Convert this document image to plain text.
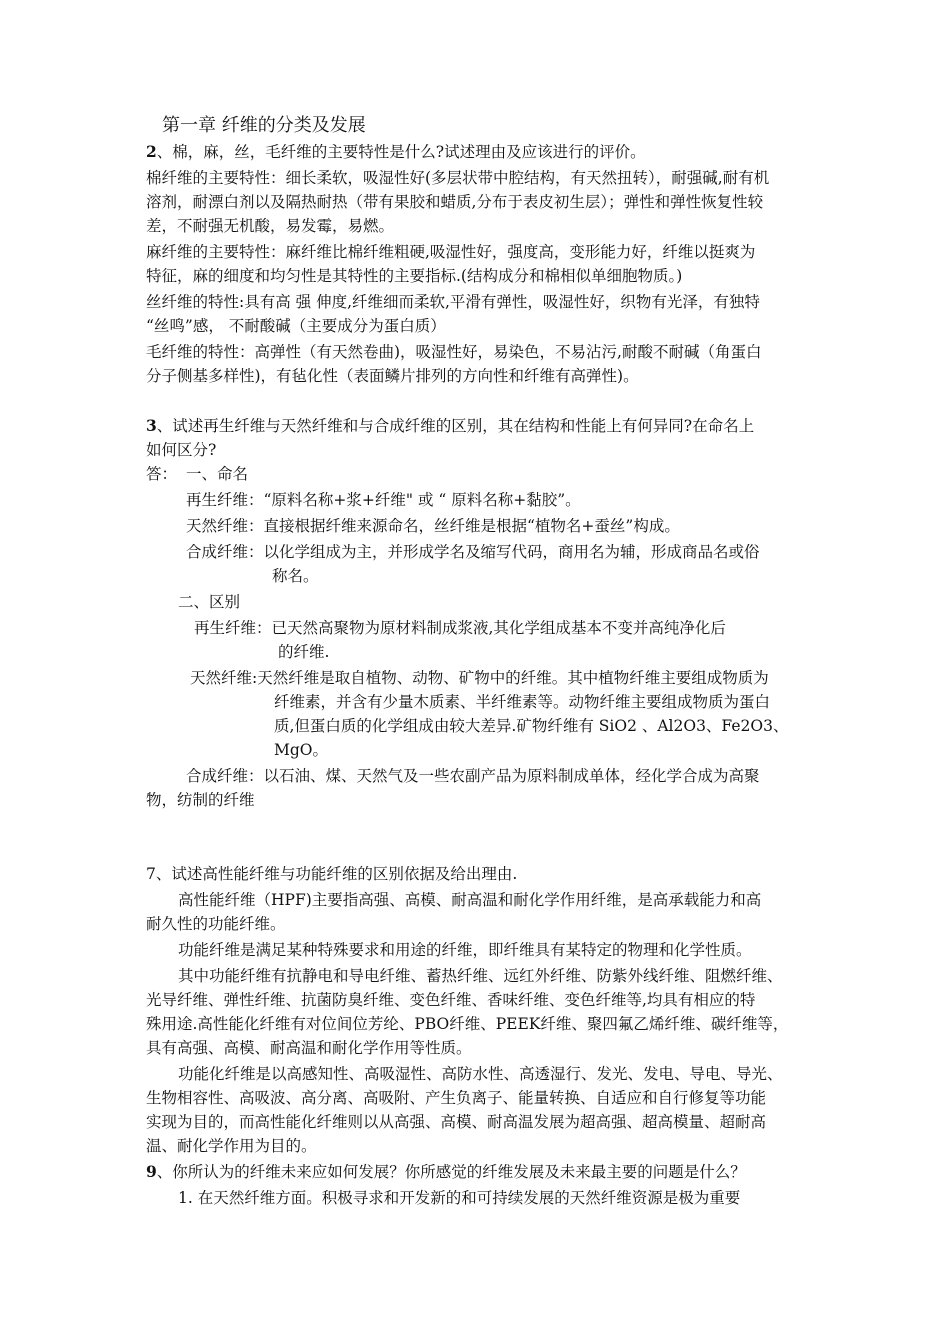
第一章 纤维的分类及发展
2、棉，麻，丝，毛纤维的主要特性是什么?试述理由及应该进行的评价。
棉纤维的主要特性：细长柔软，吸湿性好(多层状带中腔结构，有天然扭转），耐强碱,耐有机
溶剂，耐漂白剂以及隔热耐热（带有果胶和蜡质,分布于表皮初生层）；弹性和弹性恢复性较
差，不耐强无机酸，易发霉，易燃。
麻纤维的主要特性：麻纤维比棉纤维粗硬,吸湿性好，强度高，变形能力好，纤维以挺爽为
特征，麻的细度和均匀性是其特性的主要指标.(结构成分和棉相似单细胞物质。)
丝纤维的特性:具有高 强 伸度,纤维细而柔软,平滑有弹性，吸湿性好，织物有光泽，有独特
“丝鸣”感， 不耐酸碱（主要成分为蛋白质）
毛纤维的特性：高弹性（有天然卷曲)，吸湿性好，易染色，不易沾污,耐酸不耐碱（角蛋白
分子侧基多样性)，有毡化性（表面鳞片排列的方向性和纤维有高弹性)。
3、试述再生纤维与天然纤维和与合成纤维的区别，其在结构和性能上有何异同?在命名上
如何区分?
答： 一、命名
再生纤维：“原料名称+浆+纤维" 或 “ 原料名称+黏胶”。
天然纤维：直接根据纤维来源命名，丝纤维是根据“植物名+蚕丝”构成。
合成纤维：以化学组成为主，并形成学名及缩写代码，商用名为辅，形成商品名或俗
称名。
二、区别
再生纤维：已天然高聚物为原材料制成浆液,其化学组成基本不变并高纯净化后
的纤维.
天然纤维:天然纤维是取自植物、动物、矿物中的纤维。其中植物纤维主要组成物质为
纤维素，并含有少量木质素、半纤维素等。动物纤维主要组成物质为蛋白
质,但蛋白质的化学组成由较大差异.矿物纤维有 SiO2 、Al2O3、Fe2O3、
MgO。
合成纤维：以石油、煤、天然气及一些农副产品为原料制成单体，经化学合成为高聚
物，纺制的纤维
7、试述高性能纤维与功能纤维的区别依据及给出理由.
高性能纤维（HPF)主要指高强、高模、耐高温和耐化学作用纤维，是高承载能力和高
耐久性的功能纤维。
功能纤维是满足某种特殊要求和用途的纤维，即纤维具有某特定的物理和化学性质。
其中功能纤维有抗静电和导电纤维、蓄热纤维、远红外纤维、防紫外线纤维、阻燃纤维、
光导纤维、弹性纤维、抗菌防臭纤维、变色纤维、香味纤维、变色纤维等,均具有相应的特
殊用途.高性能化纤维有对位间位芳纶、PBO纤维、PEEK纤维、聚四氟乙烯纤维、碳纤维等，
具有高强、高模、耐高温和耐化学作用等性质。
功能化纤维是以高感知性、高吸湿性、高防水性、高透湿行、发光、发电、导电、导光、
生物相容性、高吸波、高分离、高吸附、产生负离子、能量转换、自适应和自行修复等功能
实现为目的，而高性能化纤维则以从高强、高模、耐高温发展为超高强、超高模量、超耐高
温、耐化学作用为目的。
9、你所认为的纤维未来应如何发展？你所感觉的纤维发展及未来最主要的问题是什么？
1. 在天然纤维方面。积极寻求和开发新的和可持续发展的天然纤维资源是极为重要
